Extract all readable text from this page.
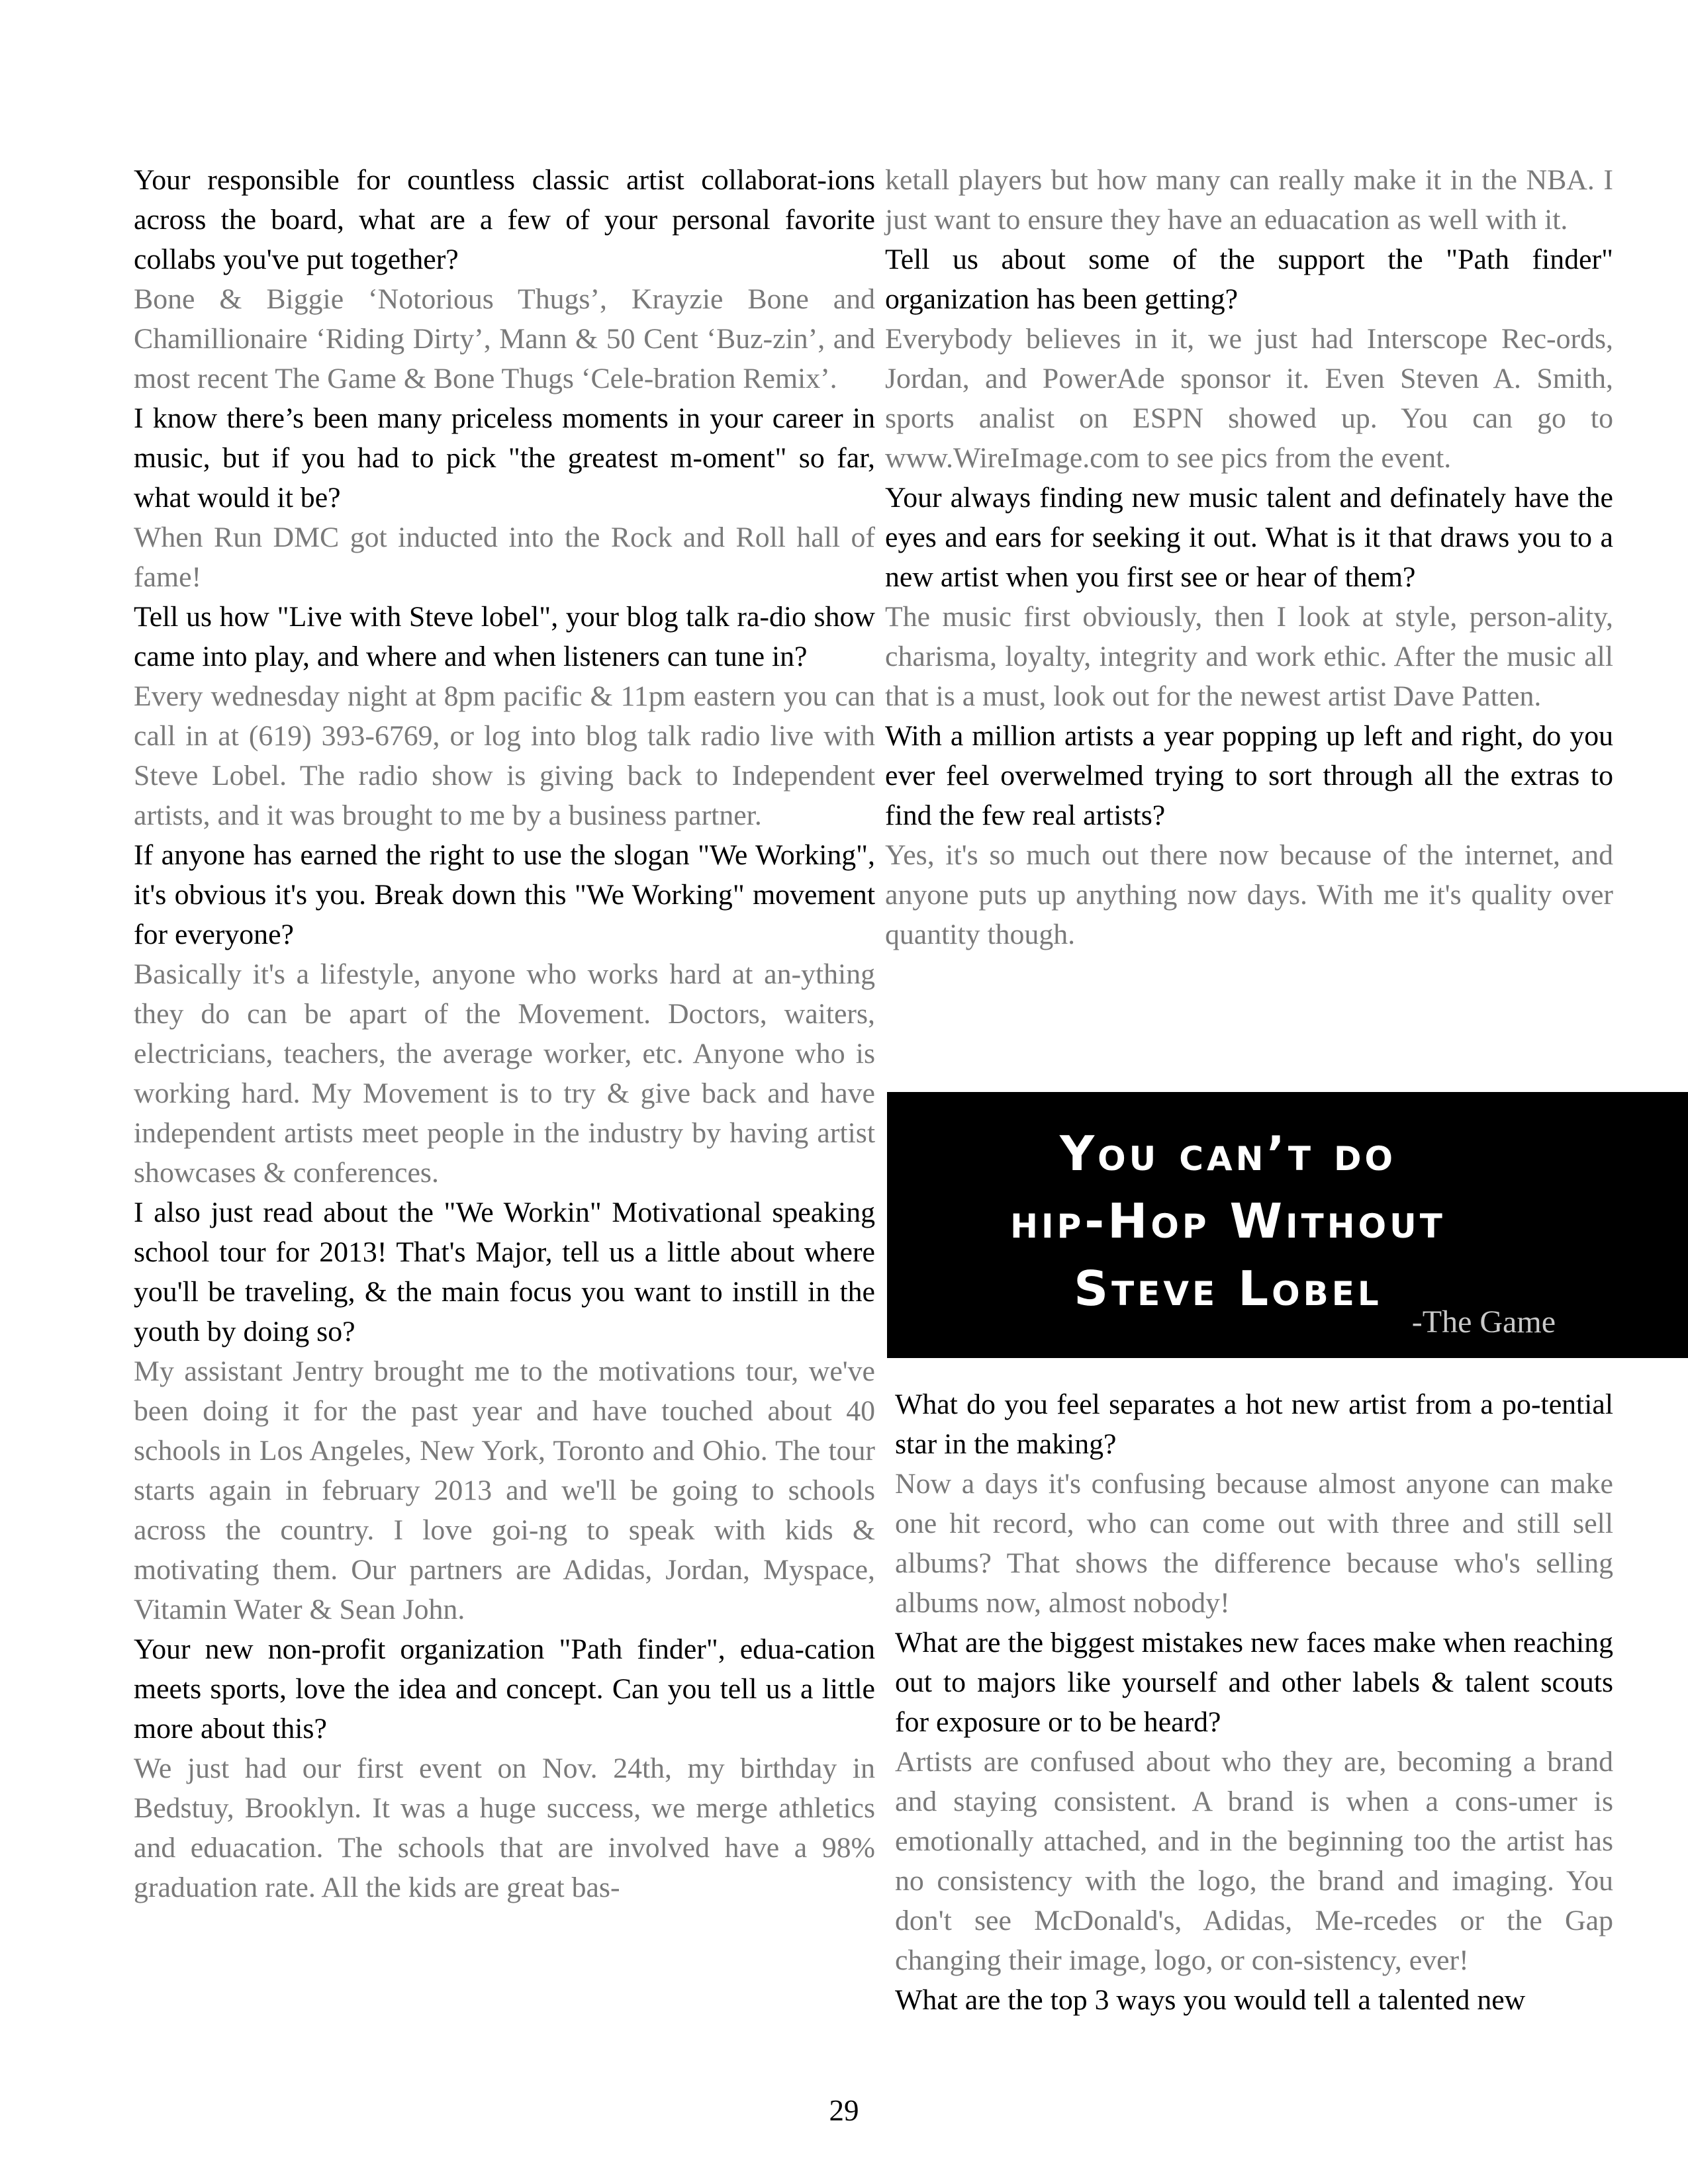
Your responsible for countless classic artist collaborat-ions across the board, what are a few of your personal favorite collabs you've put together?

Bone & Biggie ‘Notorious Thugs’, Krayzie Bone and Chamillionaire ‘Riding Dirty’, Mann & 50 Cent ‘Buz-zin’, and most recent The Game & Bone Thugs ‘Cele-bration Remix’.

I know there’s been many priceless moments in your career in music, but if you had to pick "the greatest m-oment" so far, what would it be?

When Run DMC got inducted into the Rock and Roll hall of fame!

Tell us how "Live with Steve lobel", your blog talk ra-dio show came into play, and where and when listeners can tune in?

Every wednesday night at 8pm pacific & 11pm eastern you can call in at (619) 393-6769, or log into blog talk radio live with Steve Lobel. The radio show is giving back to Independent artists, and it was brought to me by a business partner.

If anyone has earned the right to use the slogan "We Working", it's obvious it's you. Break down this "We Working" movement for everyone?

Basically it's a lifestyle, anyone who works hard at an-ything they do can be apart of the Movement. Doctors, waiters, electricians, teachers, the average worker, etc. Anyone who is working hard. My Movement is to try & give back and have independent artists meet people in the industry by having artist showcases & conferences.

I also just read about the "We Workin" Motivational speaking school tour for 2013! That's Major, tell us a little about where you'll be traveling, & the main focus you want to instill in the youth by doing so?

My assistant Jentry brought me to the motivations tour, we've been doing it for the past year and have touched about 40 schools in Los Angeles, New York, Toronto and Ohio. The tour starts again in february 2013 and we'll be going to schools across the country. I love goi-ng to speak with kids & motivating them. Our partners are Adidas, Jordan, Myspace, Vitamin Water & Sean John.

Your new non-profit organization "Path finder", edua-cation meets sports, love the idea and concept. Can you tell us a little more about this?

We just had our first event on Nov. 24th, my birthday in Bedstuy, Brooklyn. It was a huge success, we merge athletics and eduacation. The schools that are involved have a 98% graduation rate. All the kids are great bas-

ketall players but how many can really make it in the NBA. I just want to ensure they have an eduacation as well with it.

Tell us about some of the support the "Path finder" organization has been getting?

Everybody believes in it, we just had Interscope Rec-ords, Jordan, and PowerAde sponsor it. Even Steven A. Smith, sports analist on ESPN showed up. You can go to www.WireImage.com to see pics from the event.

Your always finding new music talent and definately have the eyes and ears for seeking it out. What is it that draws you to a new artist when you first see or hear of them?

The music first obviously, then I look at style, person-ality, charisma, loyalty, integrity and work ethic. After the music all that is a must, look out for the newest artist Dave Patten.

With a million artists a year popping up left and right, do you ever feel overwelmed trying to sort through all the extras to find the few real artists?

Yes, it's so much out there now because of the internet, and anyone puts up anything now days. With me it's quality over quantity though.

You can’t do
hip-Hop Without
Steve Lobel
-The Game

What do you feel separates a hot new artist from a po-tential star in the making?

Now a days it's confusing because almost anyone can make one hit record, who can come out with three and still sell albums? That shows the difference because who's selling albums now, almost nobody!

What are the biggest mistakes new faces make when reaching out to majors like yourself and other labels & talent scouts for exposure or to be heard?

Artists are confused about who they are, becoming a brand and staying consistent. A brand is when a cons-umer is emotionally attached, and in the beginning too the artist has no consistency with the logo, the brand and imaging. You don't see McDonald's, Adidas, Me-rcedes or the Gap changing their image, logo, or con-sistency, ever!

What are the top 3 ways you would tell a talented new

29
